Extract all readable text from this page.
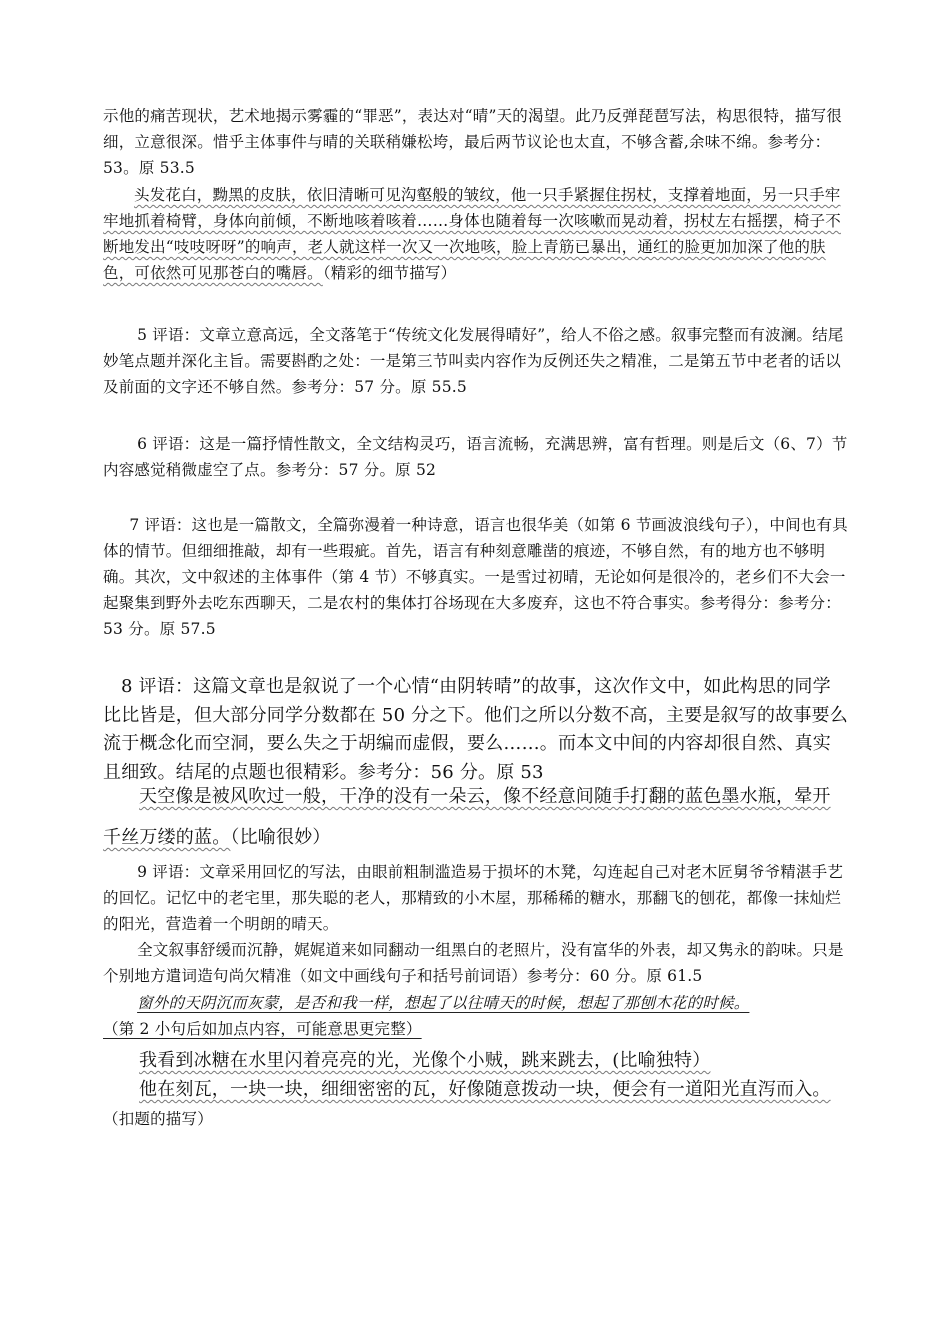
示他的痛苦现状，艺术地揭示雾霾的“罪恶”，表达对“晴”天的渴望。此乃反弹琵琶写法，构思很特，描写很细，立意很深。惜乎主体事件与晴的关联稍嫌松垮，最后两节议论也太直，不够含蓄,余味不绵。参考分：53。原 53.5

头发花白，黝黑的皮肤，依旧清晰可见沟壑般的皱纹，他一只手紧握住拐杖，支撑着地面，另一只手牢牢地抓着椅臂，身体向前倾，不断地咳着咳着……身体也随着每一次咳嗽而晃动着，拐杖左右摇摆，椅子不断地发出“吱吱呀呀”的响声，老人就这样一次又一次地咳，脸上青筋已暴出，通红的脸更加加深了他的肤色，可依然可见那苍白的嘴唇。（精彩的细节描写）

5 评语：文章立意高远，全文落笔于“传统文化发展得晴好”，给人不俗之感。叙事完整而有波澜。结尾妙笔点题并深化主旨。需要斟酌之处：一是第三节叫卖内容作为反例还失之精准，二是第五节中老者的话以及前面的文字还不够自然。参考分：57 分。原 55.5

6 评语：这是一篇抒情性散文，全文结构灵巧，语言流畅，充满思辨，富有哲理。则是后文（6、7）节内容感觉稍微虚空了点。参考分：57 分。原 52

7 评语：这也是一篇散文，全篇弥漫着一种诗意，语言也很华美（如第 6 节画波浪线句子），中间也有具体的情节。但细细推敲，却有一些瑕疵。首先，语言有种刻意雕凿的痕迹，不够自然，有的地方也不够明确。其次，文中叙述的主体事件（第 4 节）不够真实。一是雪过初晴，无论如何是很冷的，老乡们不大会一起聚集到野外去吃东西聊天，二是农村的集体打谷场现在大多废弃，这也不符合事实。参考得分：参考分：53 分。原 57.5

8 评语：这篇文章也是叙说了一个心情“由阴转晴”的故事，这次作文中，如此构思的同学比比皆是，但大部分同学分数都在 50 分之下。他们之所以分数不高，主要是叙写的故事要么流于概念化而空洞，要么失之于胡编而虚假，要么……。而本文中间的内容却很自然、真实且细致。结尾的点题也很精彩。参考分：56 分。原 53

天空像是被风吹过一般，干净的没有一朵云，像不经意间随手打翻的蓝色墨水瓶，晕开千丝万缕的蓝。（比喻很妙）

9 评语：文章采用回忆的写法，由眼前粗制滥造易于损坏的木凳，勾连起自己对老木匠舅爷爷精湛手艺的回忆。记忆中的老宅里，那失聪的老人，那精致的小木屋，那稀稀的糖水，那翻飞的刨花，都像一抹灿烂的阳光，营造着一个明朗的晴天。

全文叙事舒缓而沉静，娓娓道来如同翻动一组黑白的老照片，没有富华的外表，却又隽永的韵味。只是个别地方遣词造句尚欠精准（如文中画线句子和括号前词语）参考分：60 分。原 61.5

窗外的天阴沉而灰蒙，是否和我一样，想起了以往晴天的时候，想起了那刨木花的时候。
（第 2 小句后如加点内容，可能意思更完整）

我看到冰糖在水里闪着亮亮的光，光像个小贼，跳来跳去，(比喻独特）

他在刻瓦，一块一块，细细密密的瓦，好像随意拨动一块，便会有一道阳光直泻而入。（扣题的描写）
